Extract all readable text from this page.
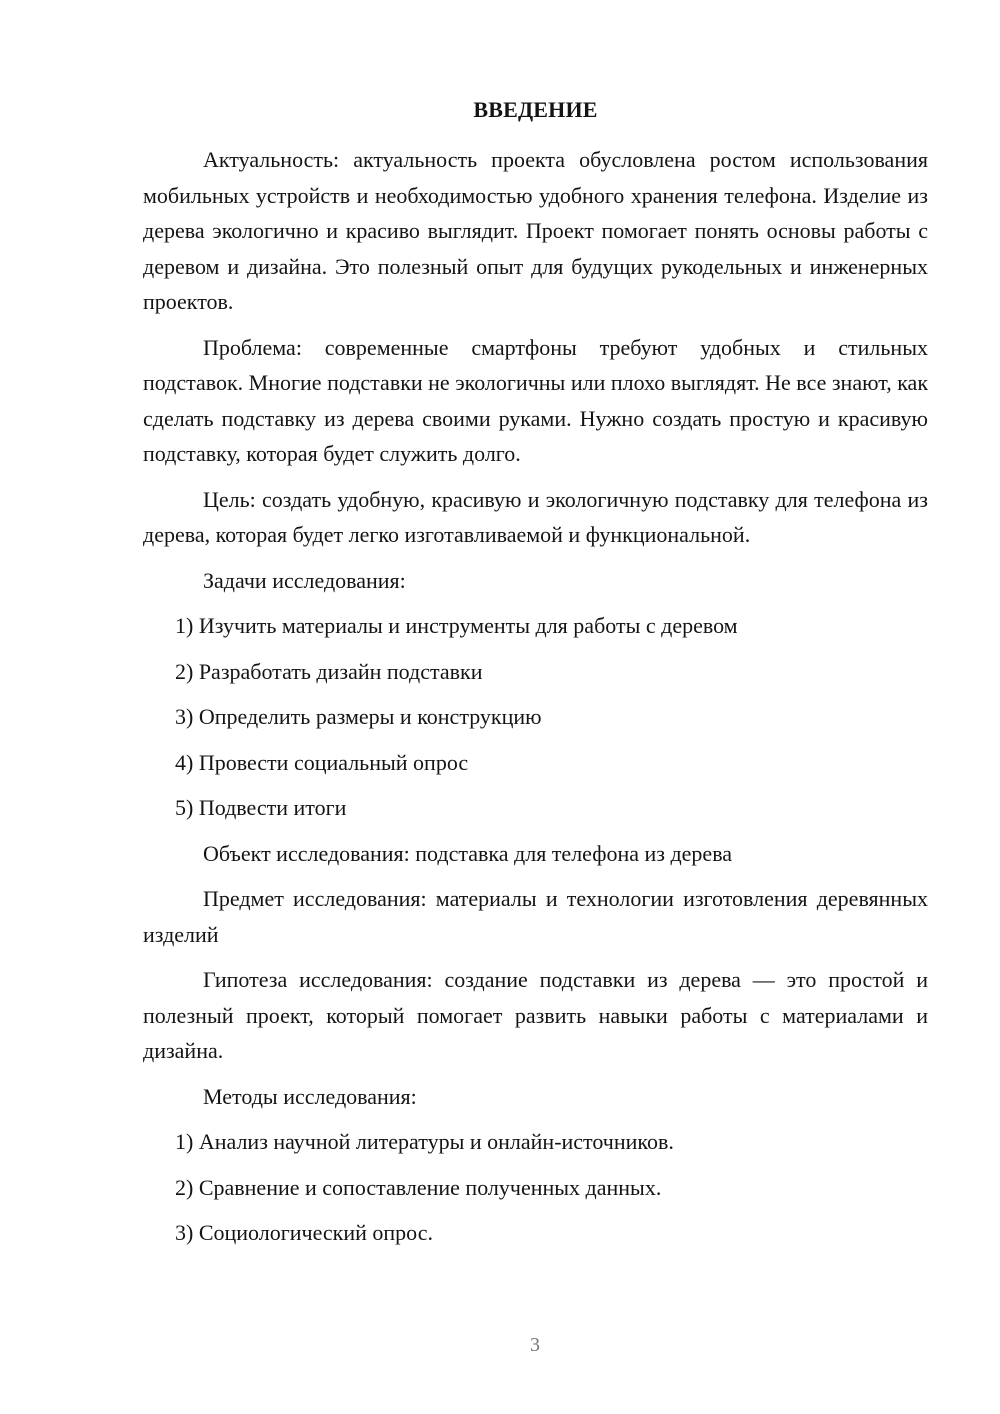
ВВЕДЕНИЕ

Актуальность: актуальность проекта обусловлена ростом использования мобильных устройств и необходимостью удобного хранения телефона. Изделие из дерева экологично и красиво выглядит. Проект помогает понять основы работы с деревом и дизайна. Это полезный опыт для будущих рукодельных и инженерных проектов.

Проблема: современные смартфоны требуют удобных и стильных подставок. Многие подставки не экологичны или плохо выглядят. Не все знают, как сделать подставку из дерева своими руками. Нужно создать простую и красивую подставку, которая будет служить долго.

Цель: создать удобную, красивую и экологичную подставку для телефона из дерева, которая будет легко изготавливаемой и функциональной.

Задачи исследования:

1) Изучить материалы и инструменты для работы с деревом

2) Разработать дизайн подставки

3) Определить размеры и конструкцию

4) Провести социальный опрос

5) Подвести итоги

Объект исследования: подставка для телефона из дерева

Предмет исследования: материалы и технологии изготовления деревянных изделий

Гипотеза исследования: создание подставки из дерева — это простой и полезный проект, который помогает развить навыки работы с материалами и дизайна.

Методы исследования:

1) Анализ научной литературы и онлайн-источников.

2) Сравнение и сопоставление полученных данных.

3) Социологический опрос.

3
